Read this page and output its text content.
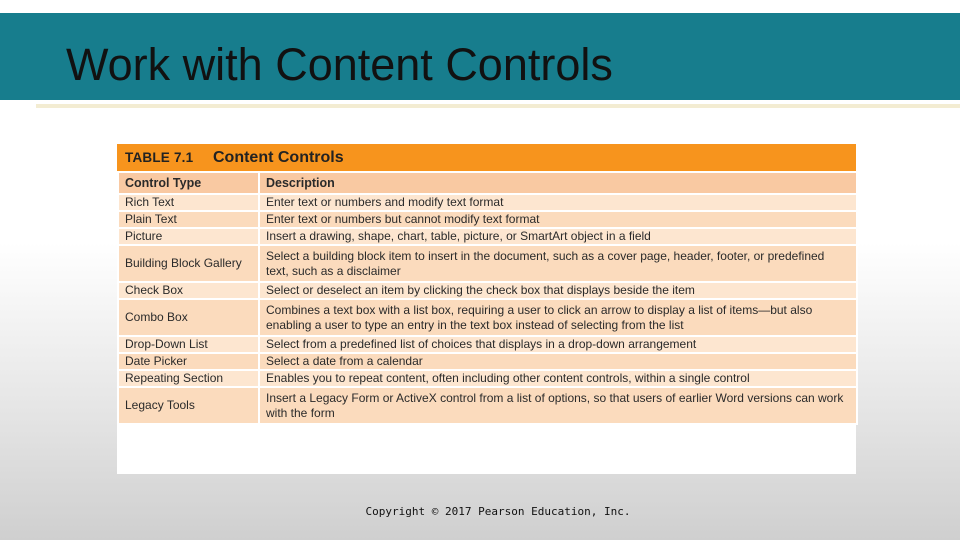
Work with Content Controls
TABLE 7.1	Content Controls
Control Type	Description
Rich Text	Enter text or numbers and modify text format
Plain Text	Enter text or numbers but cannot modify text format
Picture	Insert a drawing, shape, chart, table, picture, or SmartArt object in a field
Building Block Gallery	Select a building block item to insert in the document, such as a cover page, header, footer, or predefined text, such as a disclaimer
Check Box	Select or deselect an item by clicking the check box that displays beside the item
Combo Box	Combines a text box with a list box, requiring a user to click an arrow to display a list of items—but also enabling a user to type an entry in the text box instead of selecting from the list
Drop-Down List	Select from a predefined list of choices that displays in a drop-down arrangement
Date Picker	Select a date from a calendar
Repeating Section	Enables you to repeat content, often including other content controls, within a single control
Legacy Tools	Insert a Legacy Form or ActiveX control from a list of options, so that users of earlier Word versions can work with the form
Copyright © 2017 Pearson Education, Inc.
